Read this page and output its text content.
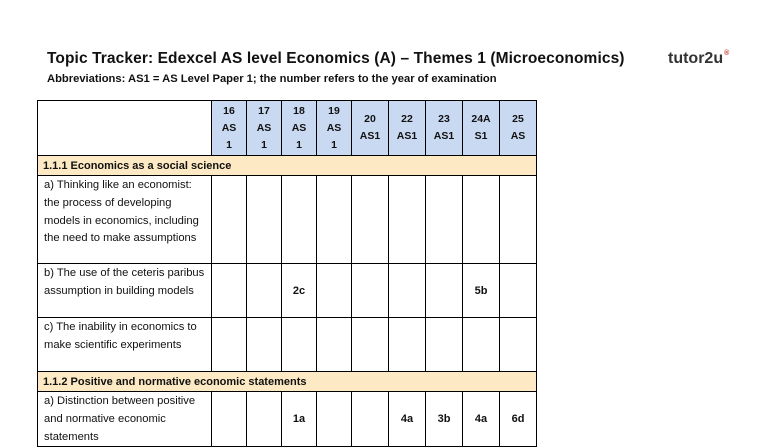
Topic Tracker: Edexcel AS level Economics (A) – Themes 1 (Microeconomics)
Abbreviations: AS1 = AS Level Paper 1; the number refers to the year of examination
tutor2u®
	16
AS
1	17
AS
1	18
AS
1	19
AS
1	20
AS1	22
AS1	23
AS1	24A
S1	25
AS
1.1.1 Economics as a social science									
a) Thinking like an economist: the process of developing models in economics, including the need to make assumptions									
b) The use of the ceteris paribus assumption in building models			2c					5b	
c) The inability in economics to make scientific experiments									
1.1.2 Positive and normative economic statements									
a) Distinction between positive and normative economic statements			1a			4a	3b	4a	6d
